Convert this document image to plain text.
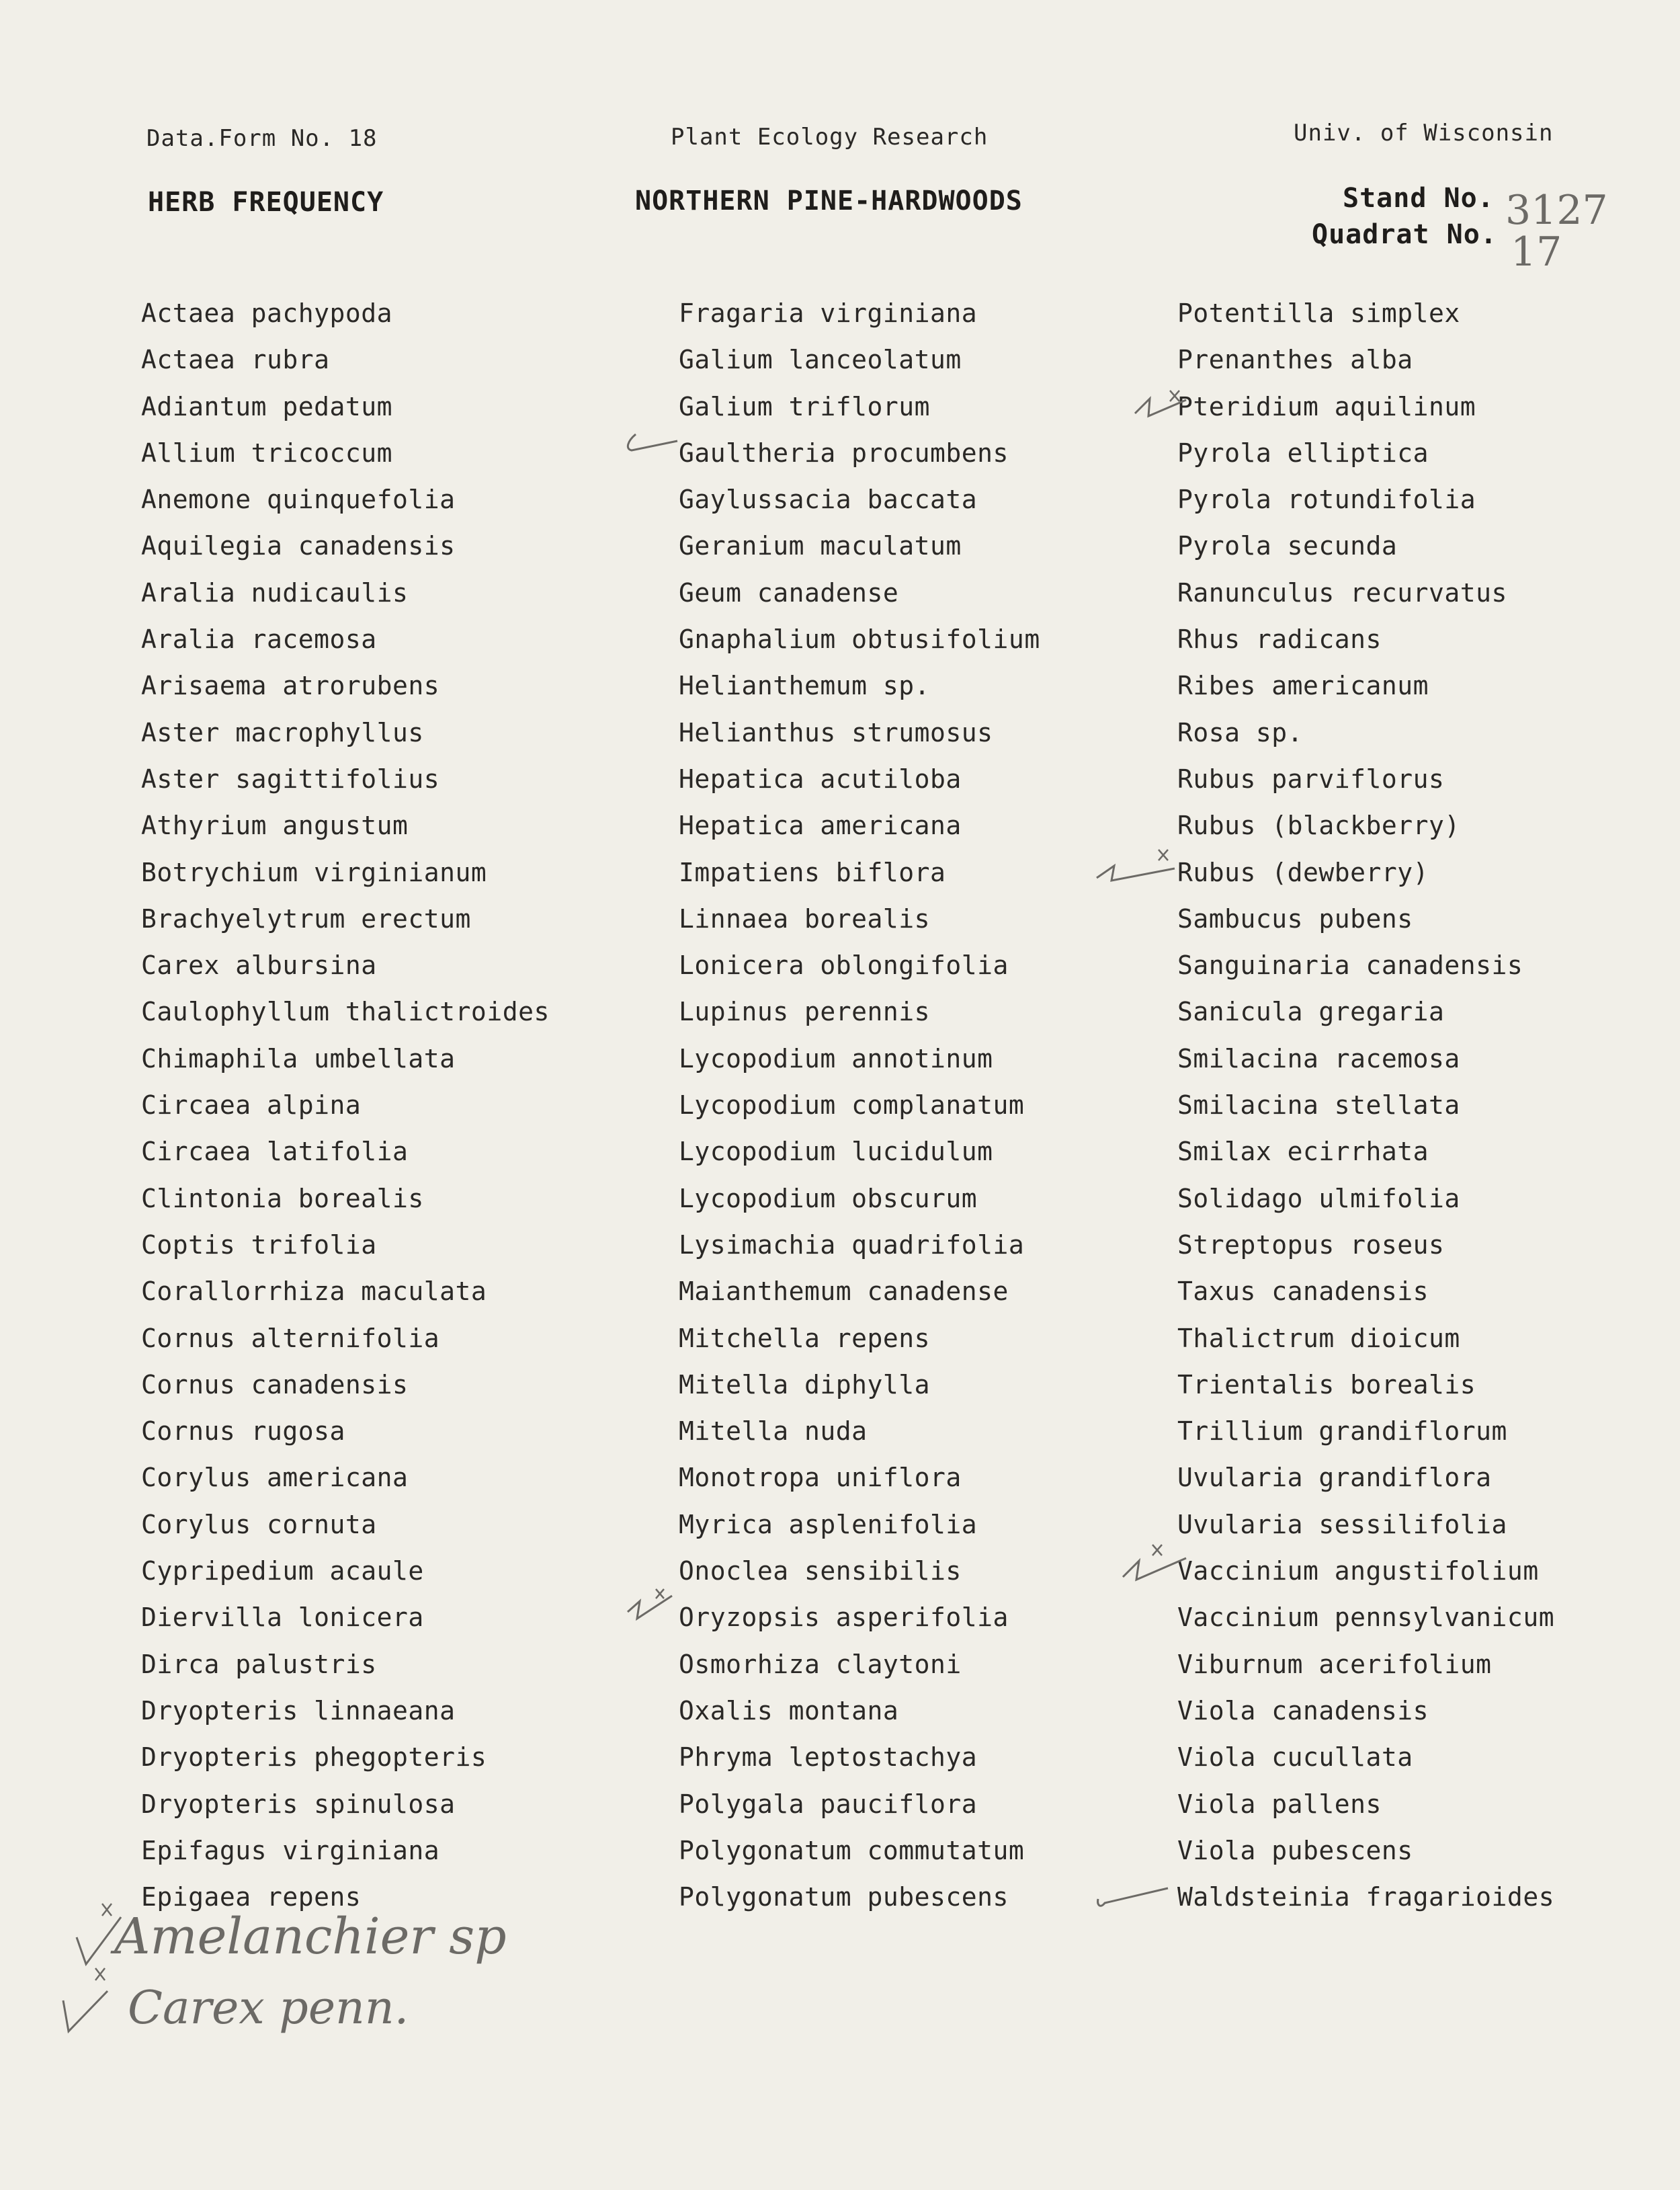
Data.Form No. 18	Plant Ecology Research	Univ. of Wisconsin
HERB FREQUENCY	NORTHERN PINE-HARDWOODS	Stand No.
Quadrat No.
3127
17
Actaea pachypoda
Actaea rubra
Adiantum pedatum
Allium tricoccum
Anemone quinquefolia
Aquilegia canadensis
Aralia nudicaulis
Aralia racemosa
Arisaema atrorubens
Aster macrophyllus
Aster sagittifolius
Athyrium angustum
Botrychium virginianum
Brachyelytrum erectum
Carex albursina
Caulophyllum thalictroides
Chimaphila umbellata
Circaea alpina
Circaea latifolia
Clintonia borealis
Coptis trifolia
Corallorrhiza maculata
Cornus alternifolia
Cornus canadensis
Cornus rugosa
Corylus americana
Corylus cornuta
Cypripedium acaule
Diervilla lonicera
Dirca palustris
Dryopteris linnaeana
Dryopteris phegopteris
Dryopteris spinulosa
Epifagus virginiana
Epigaea repens
Fragaria virginiana
Galium lanceolatum
Galium triflorum
Gaultheria procumbens
Gaylussacia baccata
Geranium maculatum
Geum canadense
Gnaphalium obtusifolium
Helianthemum sp.
Helianthus strumosus
Hepatica acutiloba
Hepatica americana
Impatiens biflora
Linnaea borealis
Lonicera oblongifolia
Lupinus perennis
Lycopodium annotinum
Lycopodium complanatum
Lycopodium lucidulum
Lycopodium obscurum
Lysimachia quadrifolia
Maianthemum canadense
Mitchella repens
Mitella diphylla
Mitella nuda
Monotropa uniflora
Myrica asplenifolia
Onoclea sensibilis
Oryzopsis asperifolia
Osmorhiza claytoni
Oxalis montana
Phryma leptostachya
Polygala pauciflora
Polygonatum commutatum
Polygonatum pubescens
Potentilla simplex
Prenanthes alba
Pteridium aquilinum
Pyrola elliptica
Pyrola rotundifolia
Pyrola secunda
Ranunculus recurvatus
Rhus radicans
Ribes americanum
Rosa sp.
Rubus parviflorus
Rubus (blackberry)
Rubus (dewberry)
Sambucus pubens
Sanguinaria canadensis
Sanicula gregaria
Smilacina racemosa
Smilacina stellata
Smilax ecirrhata
Solidago ulmifolia
Streptopus roseus
Taxus canadensis
Thalictrum dioicum
Trientalis borealis
Trillium grandiflorum
Uvularia grandiflora
Uvularia sessilifolia
Vaccinium angustifolium
Vaccinium pennsylvanicum
Viburnum acerifolium
Viola canadensis
Viola cucullata
Viola pallens
Viola pubescens
Waldsteinia fragarioides
Amelanchier sp
Carex penn.
